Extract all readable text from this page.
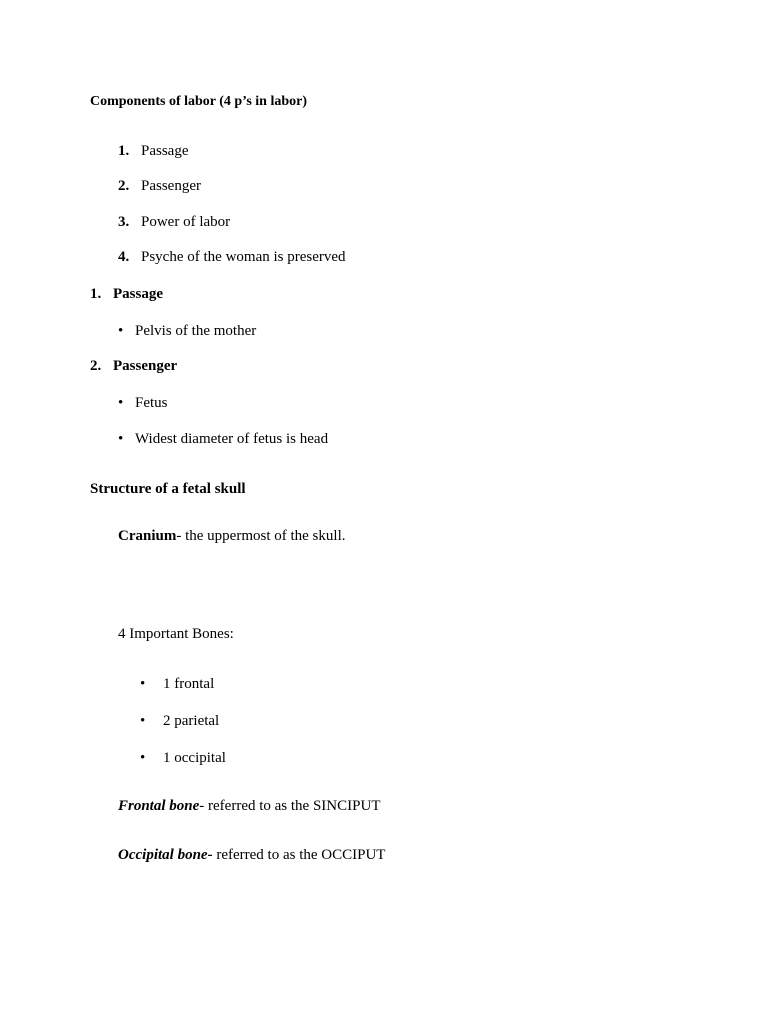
Components of labor (4 p’s in labor)
1. Passage
2. Passenger
3. Power of labor
4. Psyche of the woman is preserved
1. Passage
• Pelvis of the mother
2. Passenger
• Fetus
• Widest diameter of fetus is head
Structure of a fetal skull
Cranium- the uppermost of the skull.
4 Important Bones:
• 1 frontal
• 2 parietal
• 1 occipital
Frontal bone- referred to as the SINCIPUT
Occipital bone- referred to as the OCCIPUT
